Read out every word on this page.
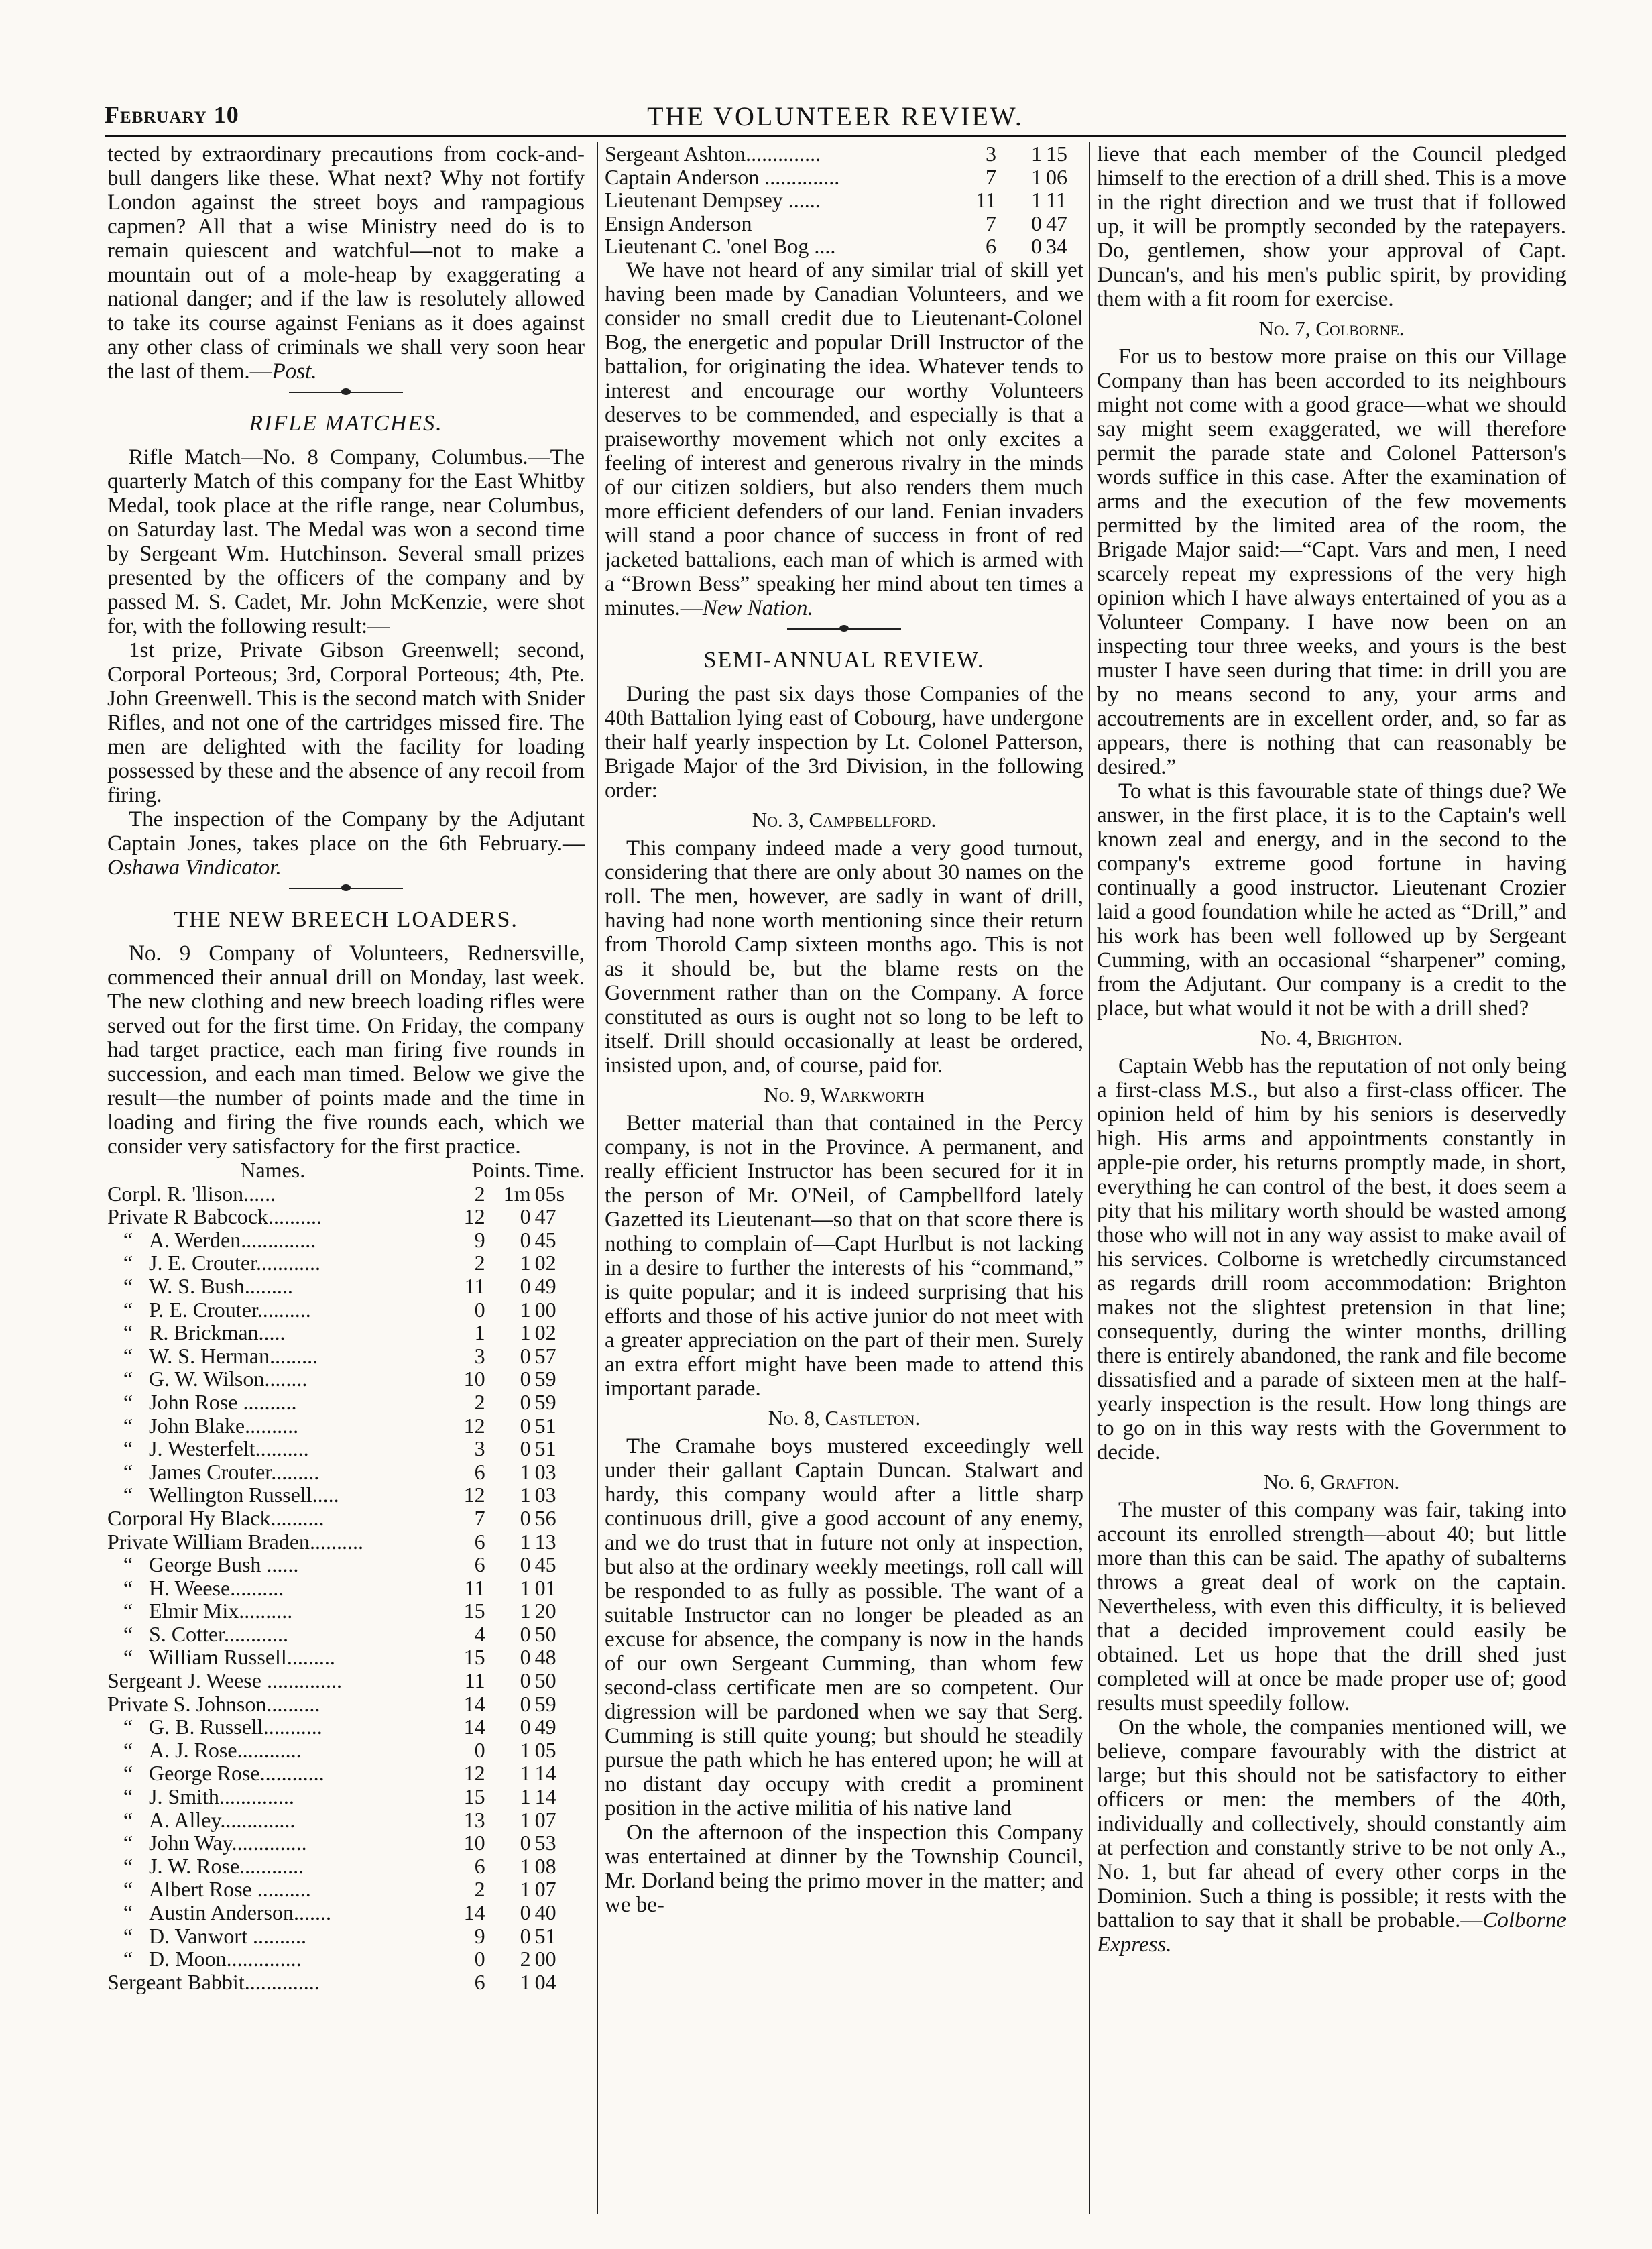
February 10	THE VOLUNTEER REVIEW.

tected by extraordinary precautions from cock-and-bull dangers like these. What next? Why not fortify London against the street boys and rampagious capmen? All that a wise Ministry need do is to remain quiescent and watchful—not to make a mountain out of a mole-heap by exaggerating a national danger; and if the law is resolutely allowed to take its course against Fenians as it does against any other class of criminals we shall very soon hear the last of them.—Post.

RIFLE MATCHES.

Rifle Match—No. 8 Company, Columbus.—The quarterly Match of this company for the East Whitby Medal, took place at the rifle range, near Columbus, on Saturday last. The Medal was won a second time by Sergeant Wm. Hutchinson. Several small prizes presented by the officers of the company and by passed M. S. Cadet, Mr. John McKenzie, were shot for, with the following result:—

1st prize, Private Gibson Greenwell; second, Corporal Porteous; 3rd, Corporal Porteous; 4th, Pte. John Greenwell. This is the second match with Snider Rifles, and not one of the cartridges missed fire. The men are delighted with the facility for loading possessed by these and the absence of any recoil from firing.

The inspection of the Company by the Adjutant Captain Jones, takes place on the 6th February.—Oshawa Vindicator.

THE NEW BREECH LOADERS.

No. 9 Company of Volunteers, Rednersville, commenced their annual drill on Monday, last week. The new clothing and new breech loading rifles were served out for the first time. On Friday, the company had target practice, each man firing five rounds in succession, and each man timed. Below we give the result—the number of points made and the time in loading and firing the five rounds each, which we consider very satisfactory for the first practice.

Names.	Points.		Time.
Corpl. R. 'llison......	2	1m	05s
Private R Babcock..........	12	0	47
“ A. Werden..............	9	0	45
“ J. E. Crouter............	2	1	02
“ W. S. Bush.........	11	0	49
“ P. E. Crouter..........	0	1	00
“ R. Brickman.....	1	1	02
“ W. S. Herman.........	3	0	57
“ G. W. Wilson........	10	0	59
“ John Rose ..........	2	0	59
“ John Blake..........	12	0	51
“ J. Westerfelt..........	3	0	51
“ James Crouter.........	6	1	03
“ Wellington Russell.....	12	1	03
Corporal Hy Black..........	7	0	56
Private William Braden..........	6	1	13
“ George Bush ......	6	0	45
“ H. Weese..........	11	1	01
“ Elmir Mix..........	15	1	20
“ S. Cotter............	4	0	50
“ William Russell.........	15	0	48
Sergeant J. Weese ..............	11	0	50
Private S. Johnson..........	14	0	59
“ G. B. Russell...........	14	0	49
“ A. J. Rose............	0	1	05
“ George Rose............	12	1	14
“ J. Smith..............	15	1	14
“ A. Alley..............	13	1	07
“ John Way..............	10	0	53
“ J. W. Rose............	6	1	08
“ Albert Rose ..........	2	1	07
“ Austin Anderson.......	14	0	40
“ D. Vanwort ..........	9	0	51
“ D. Moon..............	0	2	00
Sergeant Babbit..............	6	1	04
Sergeant Ashton..............	3	1	15
Captain Anderson ..............	7	1	06
Lieutenant Dempsey ......	11	1	11
Ensign Anderson	7	0	47
Lieutenant C. 'onel Bog ....	6	0	34

We have not heard of any similar trial of skill yet having been made by Canadian Volunteers, and we consider no small credit due to Lieutenant-Colonel Bog, the energetic and popular Drill Instructor of the battalion, for originating the idea. Whatever tends to interest and encourage our worthy Volunteers deserves to be commended, and especially is that a praiseworthy movement which not only excites a feeling of interest and generous rivalry in the minds of our citizen soldiers, but also renders them much more efficient defenders of our land. Fenian invaders will stand a poor chance of success in front of red jacketed battalions, each man of which is armed with a “Brown Bess” speaking her mind about ten times a minutes.—New Nation.

SEMI-ANNUAL REVIEW.

During the past six days those Companies of the 40th Battalion lying east of Cobourg, have undergone their half yearly inspection by Lt. Colonel Patterson, Brigade Major of the 3rd Division, in the following order:

No. 3, Campbellford.

This company indeed made a very good turnout, considering that there are only about 30 names on the roll. The men, however, are sadly in want of drill, having had none worth mentioning since their return from Thorold Camp sixteen months ago. This is not as it should be, but the blame rests on the Government rather than on the Company. A force constituted as ours is ought not so long to be left to itself. Drill should occasionally at least be ordered, insisted upon, and, of course, paid for.

No. 9, Warkworth

Better material than that contained in the Percy company, is not in the Province. A permanent, and really efficient Instructor has been secured for it in the person of Mr. O'Neil, of Campbellford lately Gazetted its Lieutenant—so that on that score there is nothing to complain of—Capt Hurlbut is not lacking in a desire to further the interests of his “command,” is quite popular; and it is indeed surprising that his efforts and those of his active junior do not meet with a greater appreciation on the part of their men. Surely an extra effort might have been made to attend this important parade.

No. 8, Castleton.

The Cramahe boys mustered exceedingly well under their gallant Captain Duncan. Stalwart and hardy, this company would after a little sharp continuous drill, give a good account of any enemy, and we do trust that in future not only at inspection, but also at the ordinary weekly meetings, roll call will be responded to as fully as possible. The want of a suitable Instructor can no longer be pleaded as an excuse for absence, the company is now in the hands of our own Sergeant Cumming, than whom few second-class certificate men are so competent. Our digression will be pardoned when we say that Serg. Cumming is still quite young; but should he steadily pursue the path which he has entered upon; he will at no distant day occupy with credit a prominent position in the active militia of his native land

On the afternoon of the inspection this Company was entertained at dinner by the Township Council, Mr. Dorland being the primo mover in the matter; and we be-

lieve that each member of the Council pledged himself to the erection of a drill shed. This is a move in the right direction and we trust that if followed up, it will be promptly seconded by the ratepayers. Do, gentlemen, show your approval of Capt. Duncan's, and his men's public spirit, by providing them with a fit room for exercise.

No. 7, Colborne.

For us to bestow more praise on this our Village Company than has been accorded to its neighbours might not come with a good grace—what we should say might seem exaggerated, we will therefore permit the parade state and Colonel Patterson's words suffice in this case. After the examination of arms and the execution of the few movements permitted by the limited area of the room, the Brigade Major said:—“Capt. Vars and men, I need scarcely repeat my expressions of the very high opinion which I have always entertained of you as a Volunteer Company. I have now been on an inspecting tour three weeks, and yours is the best muster I have seen during that time: in drill you are by no means second to any, your arms and accoutrements are in excellent order, and, so far as appears, there is nothing that can reasonably be desired.”

To what is this favourable state of things due? We answer, in the first place, it is to the Captain's well known zeal and energy, and in the second to the company's extreme good fortune in having continually a good instructor. Lieutenant Crozier laid a good foundation while he acted as “Drill,” and his work has been well followed up by Sergeant Cumming, with an occasional “sharpener” coming, from the Adjutant. Our company is a credit to the place, but what would it not be with a drill shed?

No. 4, Brighton.

Captain Webb has the reputation of not only being a first-class M.S., but also a first-class officer. The opinion held of him by his seniors is deservedly high. His arms and appointments constantly in apple-pie order, his returns promptly made, in short, everything he can control of the best, it does seem a pity that his military worth should be wasted among those who will not in any way assist to make avail of his services. Colborne is wretchedly circumstanced as regards drill room accommodation: Brighton makes not the slightest pretension in that line; consequently, during the winter months, drilling there is entirely abandoned, the rank and file become dissatisfied and a parade of sixteen men at the half-yearly inspection is the result. How long things are to go on in this way rests with the Government to decide.

No. 6, Grafton.

The muster of this company was fair, taking into account its enrolled strength—about 40; but little more than this can be said. The apathy of subalterns throws a great deal of work on the captain. Nevertheless, with even this difficulty, it is believed that a decided improvement could easily be obtained. Let us hope that the drill shed just completed will at once be made proper use of; good results must speedily follow.

On the whole, the companies mentioned will, we believe, compare favourably with the district at large; but this should not be satisfactory to either officers or men: the members of the 40th, individually and collectively, should constantly aim at perfection and constantly strive to be not only A., No. 1, but far ahead of every other corps in the Dominion. Such a thing is possible; it rests with the battalion to say that it shall be probable.—Colborne Express.
